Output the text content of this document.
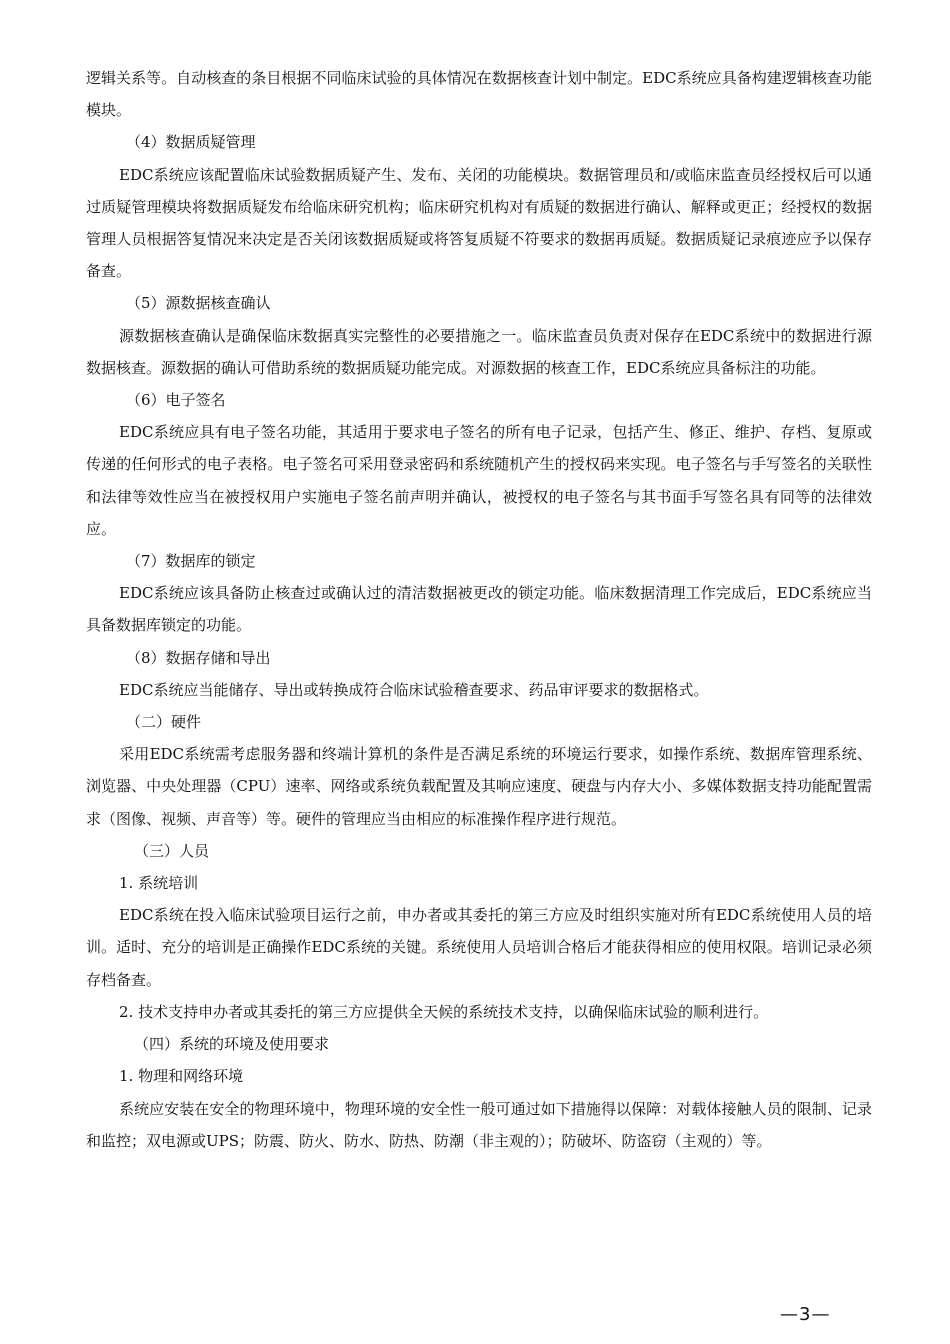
逻辑关系等。自动核查的条目根据不同临床试验的具体情况在数据核查计划中制定。EDC系统应具备构建逻辑核查功能模块。

（4）数据质疑管理

EDC系统应该配置临床试验数据质疑产生、发布、关闭的功能模块。数据管理员和/或临床监查员经授权后可以通过质疑管理模块将数据质疑发布给临床研究机构；临床研究机构对有质疑的数据进行确认、解释或更正；经授权的数据管理人员根据答复情况来决定是否关闭该数据质疑或将答复质疑不符要求的数据再质疑。数据质疑记录痕迹应予以保存备查。

（5）源数据核查确认

源数据核查确认是确保临床数据真实完整性的必要措施之一。临床监查员负责对保存在EDC系统中的数据进行源数据核查。源数据的确认可借助系统的数据质疑功能完成。对源数据的核查工作，EDC系统应具备标注的功能。

（6）电子签名

EDC系统应具有电子签名功能，其适用于要求电子签名的所有电子记录，包括产生、修正、维护、存档、复原或传递的任何形式的电子表格。电子签名可采用登录密码和系统随机产生的授权码来实现。电子签名与手写签名的关联性和法律等效性应当在被授权用户实施电子签名前声明并确认，被授权的电子签名与其书面手写签名具有同等的法律效应。

（7）数据库的锁定

EDC系统应该具备防止核查过或确认过的清洁数据被更改的锁定功能。临床数据清理工作完成后，EDC系统应当具备数据库锁定的功能。

（8）数据存储和导出

EDC系统应当能储存、导出或转换成符合临床试验稽查要求、药品审评要求的数据格式。

（二）硬件

采用EDC系统需考虑服务器和终端计算机的条件是否满足系统的环境运行要求，如操作系统、数据库管理系统、浏览器、中央处理器（CPU）速率、网络或系统负载配置及其响应速度、硬盘与内存大小、多媒体数据支持功能配置需求（图像、视频、声音等）等。硬件的管理应当由相应的标准操作程序进行规范。

（三）人员

1. 系统培训

EDC系统在投入临床试验项目运行之前，申办者或其委托的第三方应及时组织实施对所有EDC系统使用人员的培训。适时、充分的培训是正确操作EDC系统的关键。系统使用人员培训合格后才能获得相应的使用权限。培训记录必须存档备查。

2. 技术支持申办者或其委托的第三方应提供全天候的系统技术支持，以确保临床试验的顺利进行。

（四）系统的环境及使用要求

1. 物理和网络环境

系统应安装在安全的物理环境中，物理环境的安全性一般可通过如下措施得以保障：对载体接触人员的限制、记录和监控；双电源或UPS；防震、防火、防水、防热、防潮（非主观的）；防破坏、防盗窃（主观的）等。

—3—
